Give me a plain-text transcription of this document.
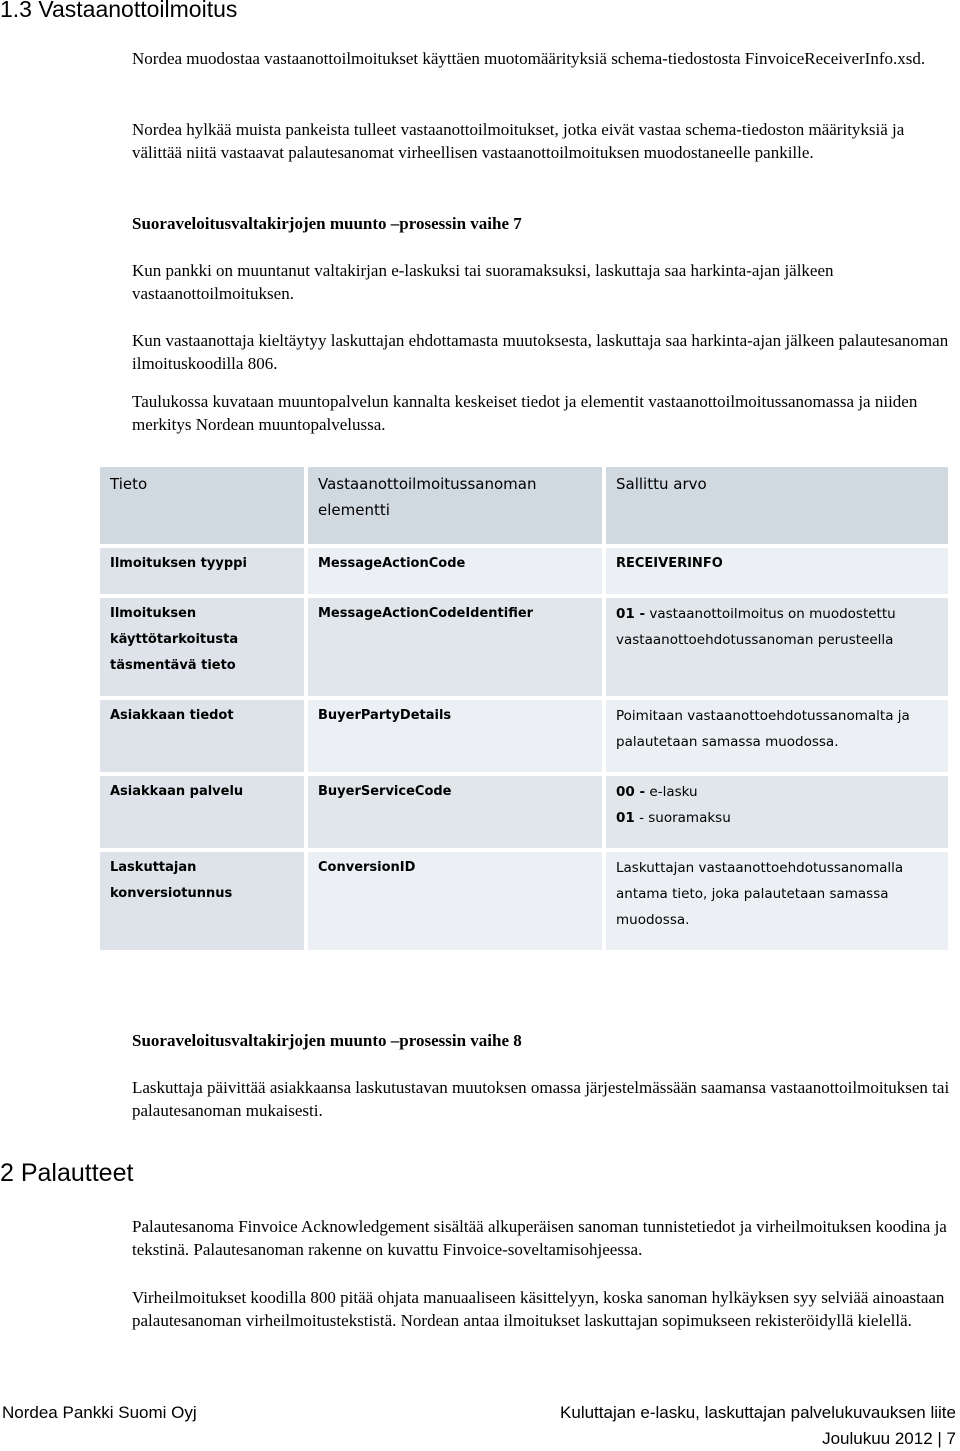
1.3 Vastaanottoilmoitus

Nordea muodostaa vastaanottoilmoitukset käyttäen muotomäärityksiä schema-tiedostosta FinvoiceReceiverInfo.xsd.

Nordea hylkää muista pankeista tulleet vastaanottoilmoitukset, jotka eivät vastaa schema-tiedoston määrityksiä ja välittää niitä vastaavat palautesanomat virheellisen vastaanottoilmoituksen muodostaneelle pankille.

Suoraveloitusvaltakirjojen muunto –prosessin vaihe 7

Kun pankki on muuntanut valtakirjan e-laskuksi tai suoramaksuksi, laskuttaja saa harkinta-ajan jälkeen vastaanottoilmoituksen.

Kun vastaanottaja kieltäytyy laskuttajan ehdottamasta muutoksesta, laskuttaja saa harkinta-ajan jälkeen palautesanoman ilmoituskoodilla 806.

Taulukossa kuvataan muuntopalvelun kannalta keskeiset tiedot ja elementit vastaanottoilmoitussanomassa ja niiden merkitys Nordean muuntopalvelussa.

Tieto	Vastaanottoilmoitussanoman elementti	Sallittu arvo
Ilmoituksen tyyppi	MessageActionCode	RECEIVERINFO
Ilmoituksen käyttötarkoitusta täsmentävä tieto	MessageActionCodeIdentifier	01 - vastaanottoilmoitus on muodostettu vastaanottoehdotussanoman perusteella
Asiakkaan tiedot	BuyerPartyDetails	Poimitaan vastaanottoehdotussanomalta ja palautetaan samassa muodossa.
Asiakkaan palvelu	BuyerServiceCode	00 - e-lasku
01 - suoramaksu

Laskuttajan konversiotunnus	ConversionID	Laskuttajan vastaanottoehdotussanomalla antama tieto, joka palautetaan samassa muodossa.

Suoraveloitusvaltakirjojen muunto –prosessin vaihe 8

Laskuttaja päivittää asiakkaansa laskutustavan muutoksen omassa järjestelmässään saamansa vastaanottoilmoituksen tai palautesanoman mukaisesti.

2 Palautteet

Palautesanoma Finvoice Acknowledgement sisältää alkuperäisen sanoman tunnistetiedot ja virheilmoituksen koodina ja tekstinä. Palautesanoman rakenne on kuvattu Finvoice-soveltamisohjeessa.

Virheilmoitukset koodilla 800 pitää ohjata manuaaliseen käsittelyyn, koska sanoman hylkäyksen syy selviää ainoastaan palautesanoman virheilmoitustekstistä. Nordean antaa ilmoitukset laskuttajan sopimukseen rekisteröidyllä kielellä.

Nordea Pankki Suomi Oyj	Kuluttajan e-lasku, laskuttajan palvelukuvauksen liite
Joulukuu 2012 | 7
